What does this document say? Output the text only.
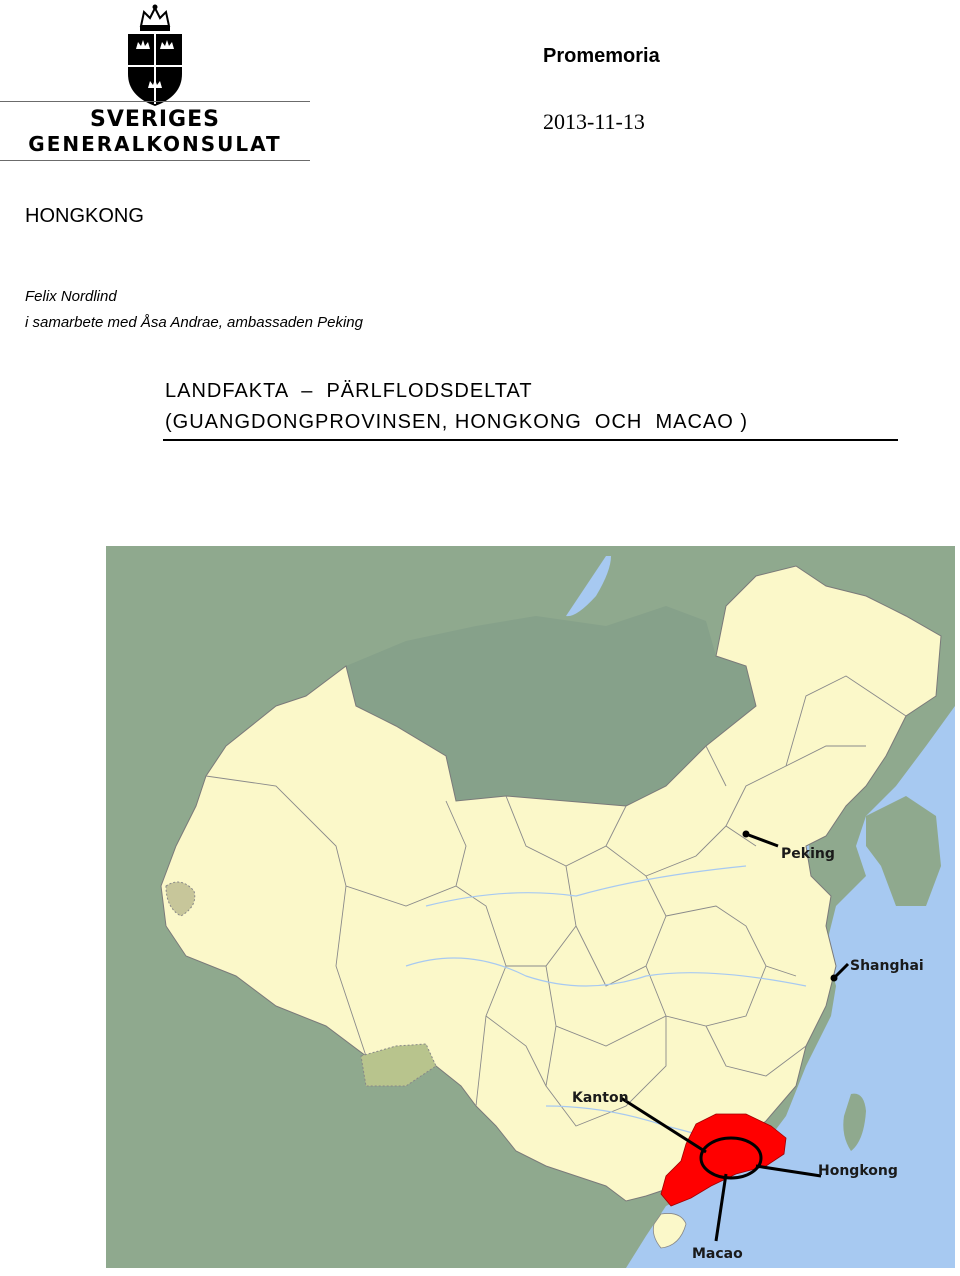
SVERIGES
GENERALKONSULAT
Promemoria
2013-11-13
HONGKONG
Felix Nordlind
i samarbete med Åsa Andrae, ambassaden Peking
LANDFAKTA  –  PÄRLFLODSDELTAT
(GUANGDONGPROVINSEN, HONGKONG  OCH  MACAO )
Peking
Shanghai
Kanton
Hongkong
Macao
